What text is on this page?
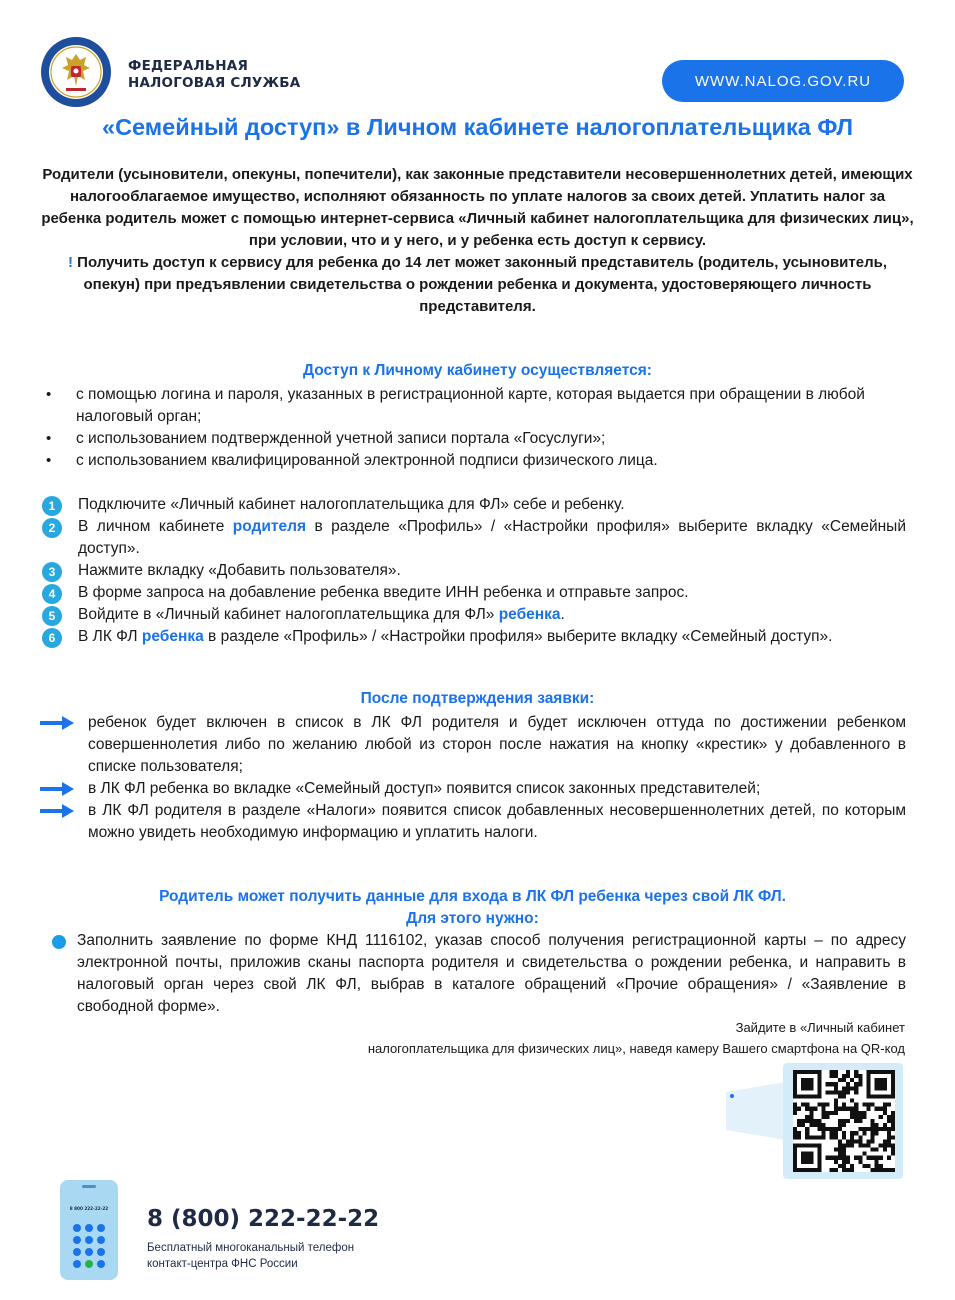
ФЕДЕРАЛЬНАЯ
НАЛОГОВАЯ СЛУЖБА	WWW.NALOG.GOV.RU
«Семейный доступ» в Личном кабинете налогоплательщика ФЛ
Родители (усыновители, опекуны, попечители), как законные представители несовершеннолетних детей, имеющих налогооблагаемое имущество, исполняют обязанность по уплате налогов за своих детей. Уплатить налог за ребенка родитель может с помощью интернет-сервиса «Личный кабинет налогоплательщика для физических лиц», при условии, что и у него, и у ребенка есть доступ к сервису.
! Получить доступ к сервису для ребенка до 14 лет может законный представитель (родитель, усыновитель, опекун) при предъявлении свидетельства о рождении ребенка и документа, удостоверяющего личность представителя.
Доступ к Личному кабинету осуществляется:
• с помощью логина и пароля, указанных в регистрационной карте, которая выдается при обращении в любой налоговый орган;
• с использованием подтвержденной учетной записи портала «Госуслуги»;
• с использованием квалифицированной электронной подписи физического лица.
1	Подключите «Личный кабинет налогоплательщика для ФЛ» себе и ребенку.
2	В личном кабинете родителя в разделе «Профиль» / «Настройки профиля» выберите вкладку «Семейный доступ».
3	Нажмите вкладку «Добавить пользователя».
4	В форме запроса на добавление ребенка введите ИНН ребенка и отправьте запрос.
5	Войдите в «Личный кабинет налогоплательщика для ФЛ» ребенка.
6	В ЛК ФЛ ребенка в разделе «Профиль» / «Настройки профиля» выберите вкладку «Семейный доступ».
После подтверждения заявки:
ребенок будет включен в список в ЛК ФЛ родителя и будет исключен оттуда по достижении ребенком совершеннолетия либо по желанию любой из сторон после нажатия на кнопку «крестик» у добавленного в списке пользователя;
в ЛК ФЛ ребенка во вкладке «Семейный доступ» появится список законных представителей;
в ЛК ФЛ родителя в разделе «Налоги» появится список добавленных несовершеннолетних детей, по которым можно увидеть необходимую информацию и уплатить налоги.
Родитель может получить данные для входа в ЛК ФЛ ребенка через свой ЛК ФЛ.
Для этого нужно:
Заполнить заявление по форме КНД 1116102, указав способ получения регистрационной карты – по адресу электронной почты, приложив сканы паспорта родителя и свидетельства о рождении ребенка, и направить в налоговый орган через свой ЛК ФЛ, выбрав в каталоге обращений «Прочие обращения» / «Заявление в свободной форме».
Зайдите в «Личный кабинет
налогоплательщика для физических лиц», наведя камеру Вашего смартфона на QR-код
8 800 222-22-22 8 (800) 222-22-22
Бесплатный многоканальный телефон
контакт-центра ФНС России
